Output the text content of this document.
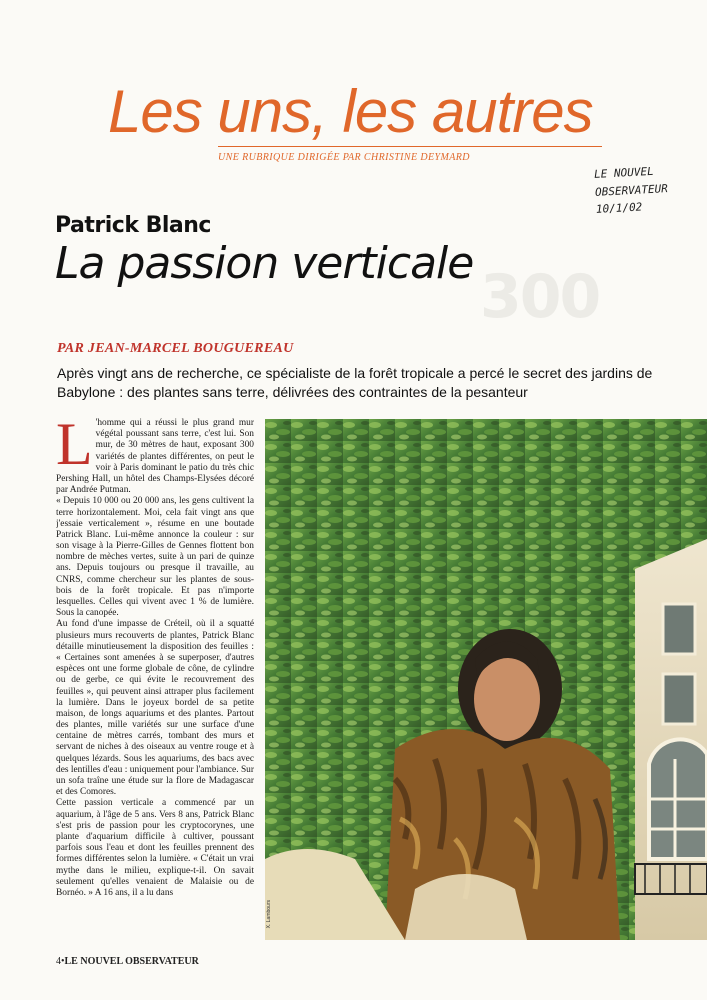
Les uns, les autres
UNE RUBRIQUE DIRIGÉE PAR CHRISTINE DEYMARD
LE NOUVEL
OBSERVATEUR
10/1/02
300
Patrick Blanc
La passion verticale
PAR JEAN-MARCEL BOUGUEREAU
Après vingt ans de recherche, ce spécialiste de la forêt tropicale a percé le secret des jardins de Babylone : des plantes sans terre, délivrées des contraintes de la pesanteur

L 'homme qui a réussi le plus grand mur végétal poussant sans terre, c'est lui. Son mur, de 30 mètres de haut, exposant 300 variétés de plantes différentes, on peut le voir à Paris dominant le patio du très chic Pershing Hall, un hôtel des Champs-Elysées décoré par Andrée Putman.

« Depuis 10 000 ou 20 000 ans, les gens cultivent la terre horizontalement. Moi, cela fait vingt ans que j'essaie verticalement », résume en une boutade Patrick Blanc. Lui-même annonce la couleur : sur son visage à la Pierre-Gilles de Gennes flottent bon nombre de mèches vertes, suite à un pari de quinze ans. Depuis toujours ou presque il travaille, au CNRS, comme chercheur sur les plantes de sous-bois de la forêt tropicale. Et pas n'importe lesquelles. Celles qui vivent avec 1 % de lumière. Sous la canopée.

Au fond d'une impasse de Créteil, où il a squatté plusieurs murs recouverts de plantes, Patrick Blanc détaille minutieusement la disposition des feuilles : « Certaines sont amenées à se superposer, d'autres espèces ont une forme globale de cône, de cylindre ou de gerbe, ce qui évite le recouvrement des feuilles », qui peuvent ainsi attraper plus facilement la lumière. Dans le joyeux bordel de sa petite maison, de longs aquariums et des plantes. Partout des plantes, mille variétés sur une surface d'une centaine de mètres carrés, tombant des murs et servant de niches à des oiseaux au ventre rouge et à quelques lézards. Sous les aquariums, des bacs avec des lentilles d'eau : uniquement pour l'ambiance. Sur un sofa traîne une étude sur la flore de Madagascar et des Comores.

Cette passion verticale a commencé par un aquarium, à l'âge de 5 ans. Vers 8 ans, Patrick Blanc s'est pris de passion pour les cryptocorynes, une plante d'aquarium difficile à cultiver, poussant parfois sous l'eau et dont les feuilles prennent des formes différentes selon la lumière. « C'était un vrai mythe dans le milieu, explique-t-il. On savait seulement qu'elles venaient de Malaisie ou de Bornéo. » A 16 ans, il a lu dans

X. Lambours
4•LE NOUVEL OBSERVATEUR
